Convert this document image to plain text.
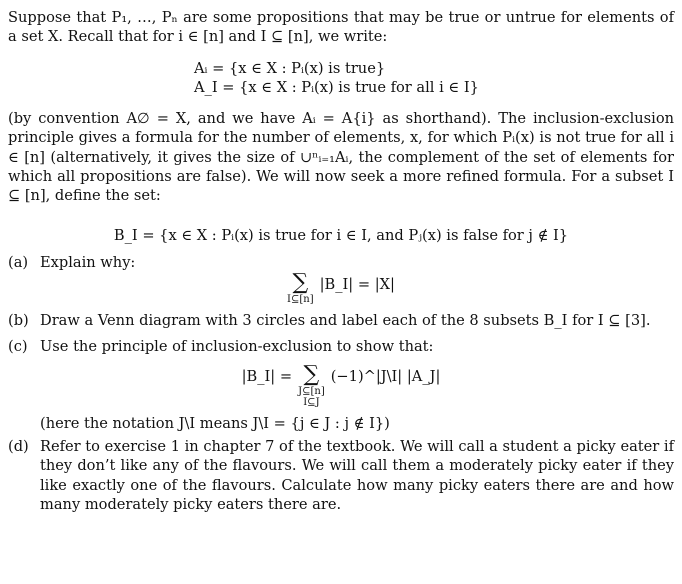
Suppose that P₁, …, Pₙ are some propositions that may be true or untrue for elements of a set X. Recall that for i ∈ [n] and I ⊆ [n], we write:

Aᵢ = {x ∈ X : Pᵢ(x) is true}
A_I = {x ∈ X : Pᵢ(x) is true for all i ∈ I}

(by convention A∅ = X, and we have Aᵢ = A{i} as shorthand). The inclusion-exclusion principle gives a formula for the number of elements, x, for which Pᵢ(x) is not true for all i ∈ [n] (alternatively, it gives the size of ∪ⁿᵢ₌₁Aᵢ, the complement of the set of elements for which all propositions are false). We will now seek a more refined formula. For a subset I ⊆ [n], define the set:

B_I = {x ∈ X : Pᵢ(x) is true for i ∈ I, and Pⱼ(x) is false for j ∉ I}
(a) Explain why:
∑
I⊆[n]
|B_I| = |X|
(b) Draw a Venn diagram with 3 circles and label each of the 8 subsets B_I for I ⊆ [3].
(c) Use the principle of inclusion-exclusion to show that:
|B_I| = ∑
J⊆[n]
I⊆J
(−1)^|J\I| |A_J|
(here the notation J\I means J\I = {j ∈ J : j ∉ I})
(d) Refer to exercise 1 in chapter 7 of the textbook. We will call a student a picky eater if they don’t like any of the flavours. We will call them a moderately picky eater if they like exactly one of the flavours. Calculate how many picky eaters there are and how many moderately picky eaters there are.
